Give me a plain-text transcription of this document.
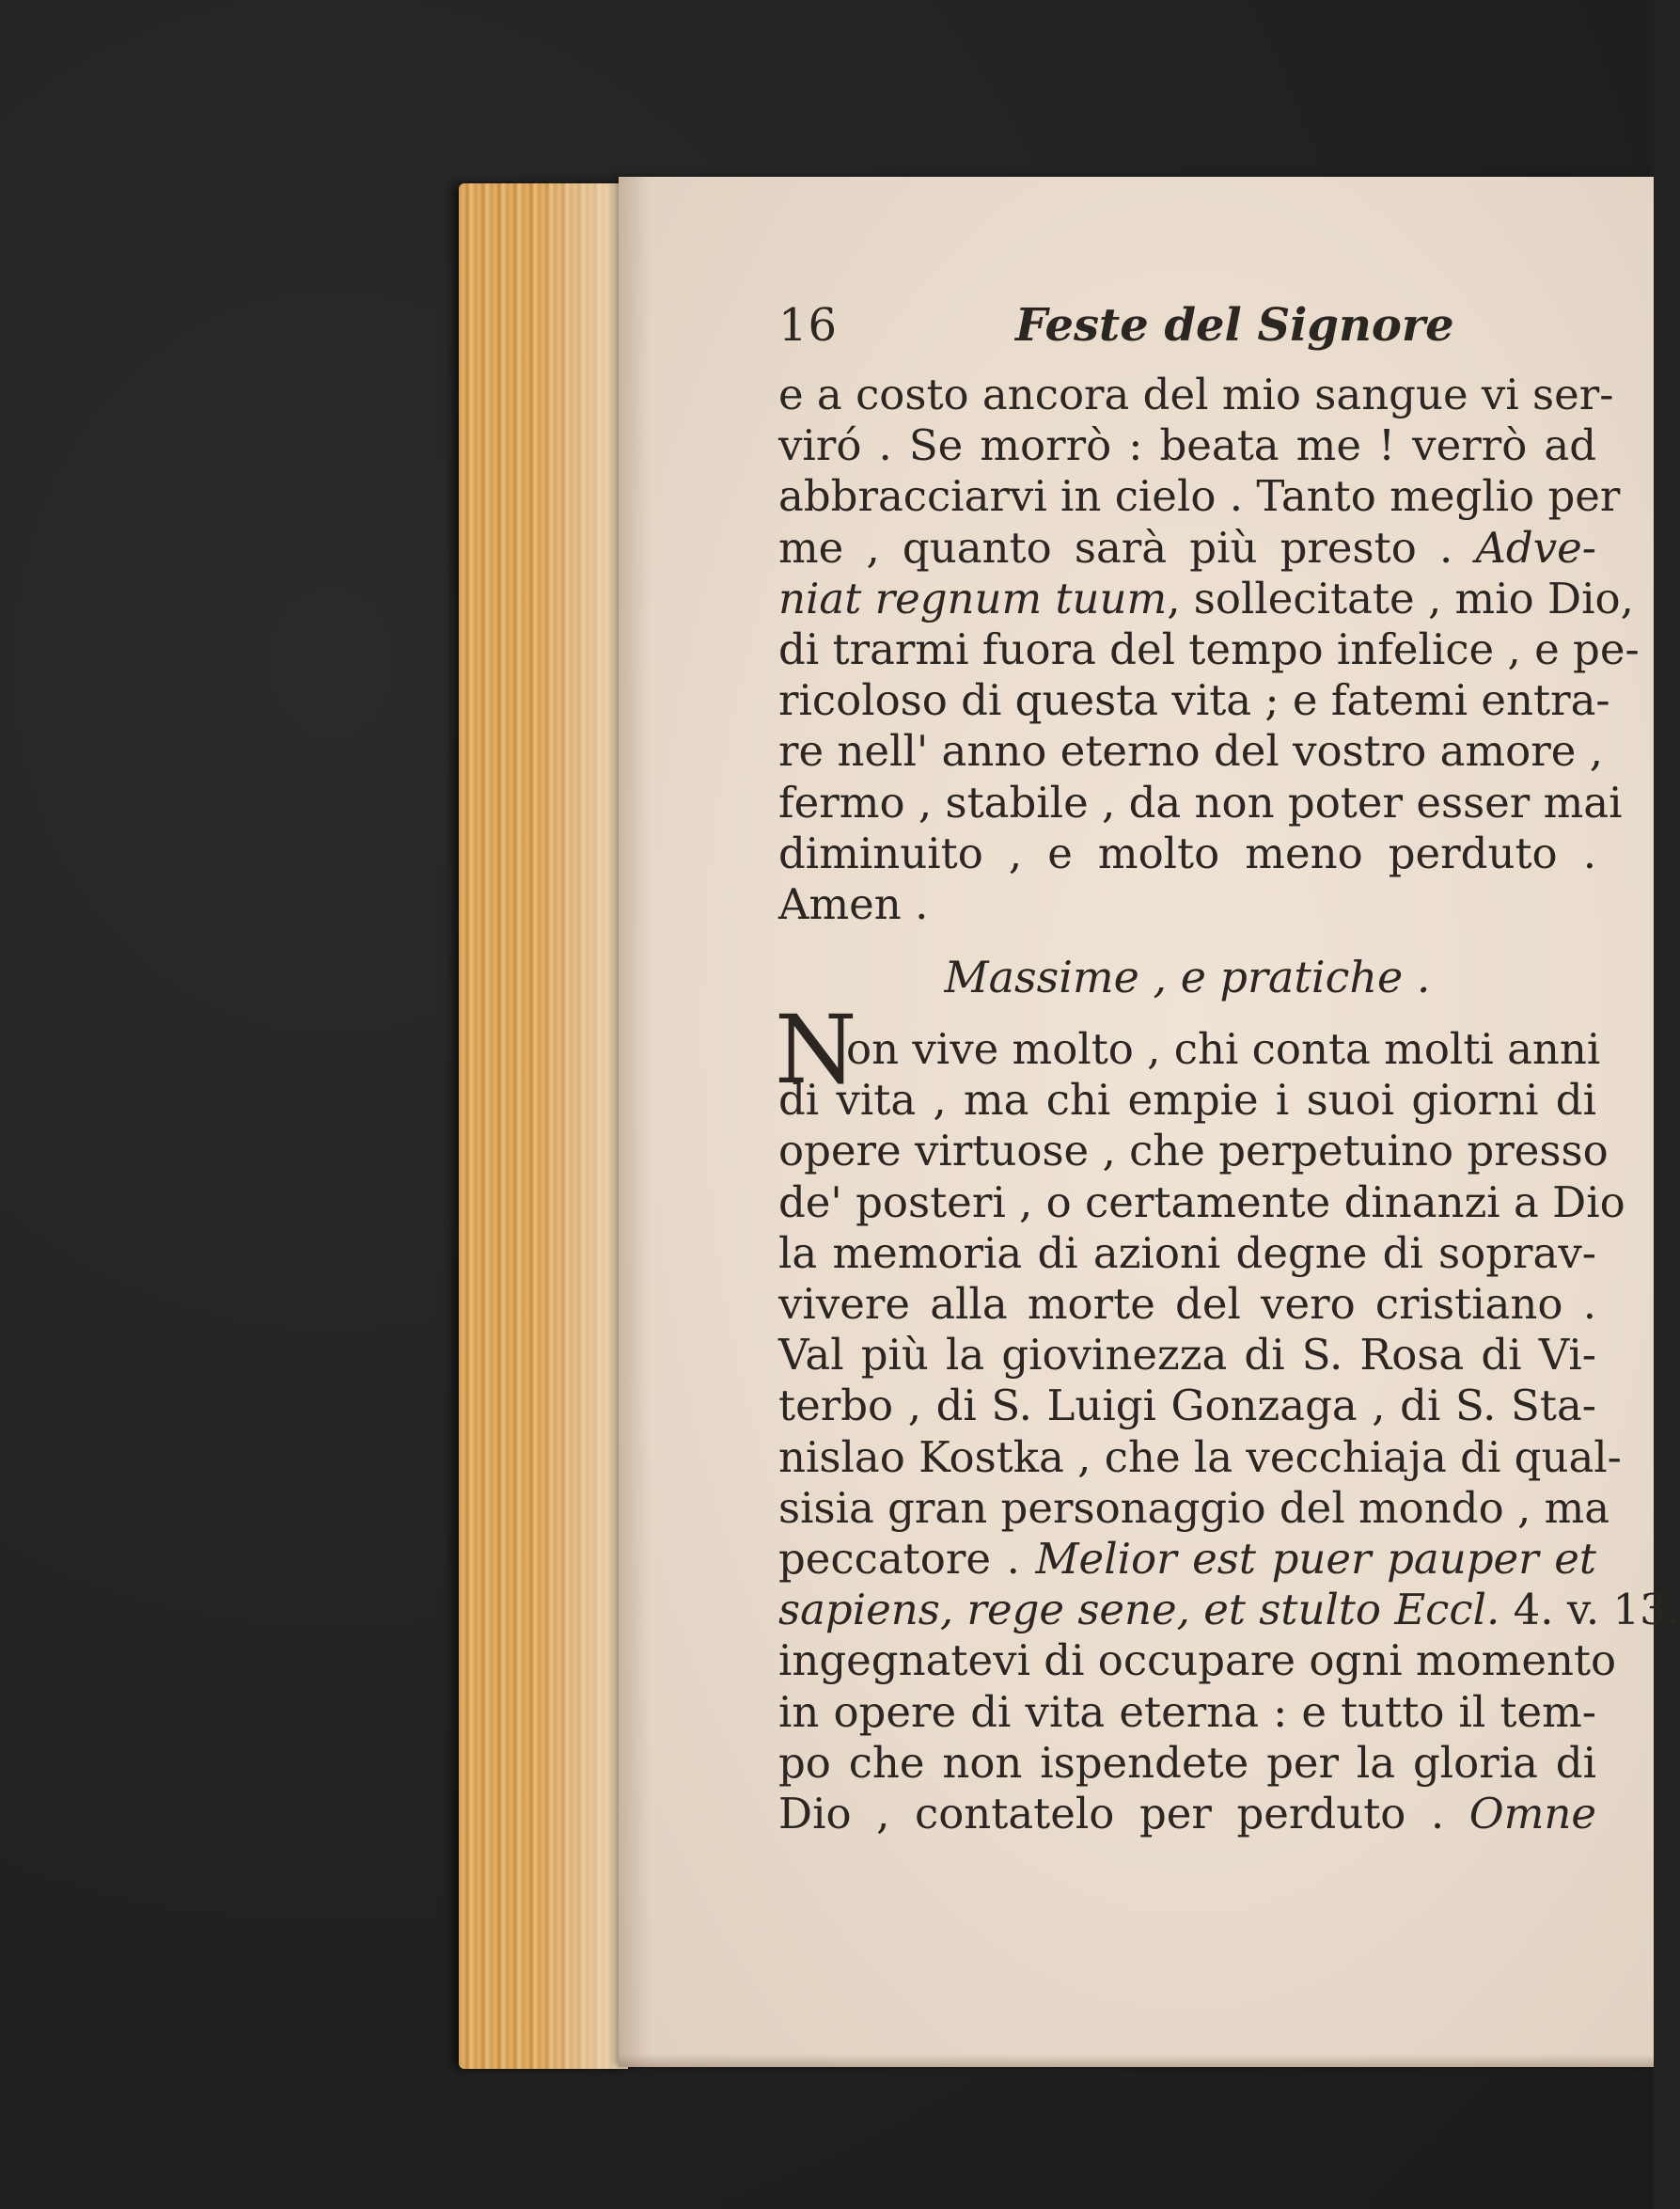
16	Feste del Signore
e a costo ancora del mio sangue vi ser-
viró . Se morrò : beata me ! verrò ad
abbracciarvi in cielo . Tanto meglio per
me , quanto sarà più presto . Adve-
niat regnum tuum, sollecitate , mio Dio,
di trarmi fuora del tempo infelice , e pe-
ricoloso di questa vita ; e fatemi entra-
re nell' anno eterno del vostro amore ,
fermo , stabile , da non poter esser mai
diminuito , e molto meno perduto .
Amen .
Massime , e pratiche .
N
on vive molto , chi conta molti anni
di vita , ma chi empie i suoi giorni di
opere virtuose , che perpetuino presso
de' posteri , o certamente dinanzi a Dio
la memoria di azioni degne di soprav-
vivere alla morte del vero cristiano .
Val più la giovinezza di S. Rosa di Vi-
terbo , di S. Luigi Gonzaga , di S. Sta-
nislao Kostka , che la vecchiaja di qual-
sisia gran personaggio del mondo , ma
peccatore . Melior est puer pauper et
sapiens, rege sene, et stulto Eccl. 4. v. 13.
ingegnatevi di occupare ogni momento
in opere di vita eterna : e tutto il tem-
po che non ispendete per la gloria di
Dio , contatelo per perduto . Omne
